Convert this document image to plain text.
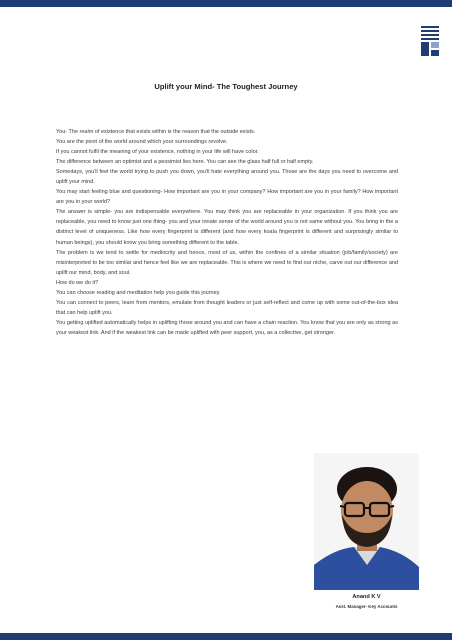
Uplift your Mind- The Toughest Journey

You- The realm of existence that exists within is the reason that the outside exists.

You are the pivot of the world around which your surroundings revolve.

If you cannot fulfil the meaning of your existence, nothing in your life will have color.

The difference between an optimist and a pessimist lies here. You can see the glass half full or half empty.

Somedays, you'll feel the world trying to push you down, you'll hate everything around you. Those are the days you need to overcome and uplift your mind.

You may start feeling blue and questioning- How important are you in your company? How important are you in your family? How important are you in your world?

The answer is simple- you are indispensable everywhere. You may think you are replaceable in your organization. If you think you are replaceable, you need to know just one thing- you and your innate sense of the world around you is not same without you. You bring in the a distinct level of uniqueness. Like how every fingerprint is different (and how every koala fingerprint is different and surprisingly similar to human beings), you should know you bring something different to the table.

The problem is we tend to settle for mediocrity and hence, most of us, within the confines of a similar situation (job/family/society) are misinterpreted to be too similar and hence feel like we are replaceable. This is where we need to find our niche, carve out our difference and uplift our mind, body, and soul.

How do we do it?

You can choose reading and meditation help you guide this journey.

You can connect to peers, learn from mentors, emulate from thought leaders or just self-reflect and come up with some out-of-the-box idea that can help uplift you.

You getting uplifted automatically helps in uplifting those around you and can have a chain reaction. You know that you are only as strong as your weakest link. And if the weakest link can be made uplifted with peer support, you, as a collective, get stronger.

Anand K V
Asst. Manager- Key Accounts
